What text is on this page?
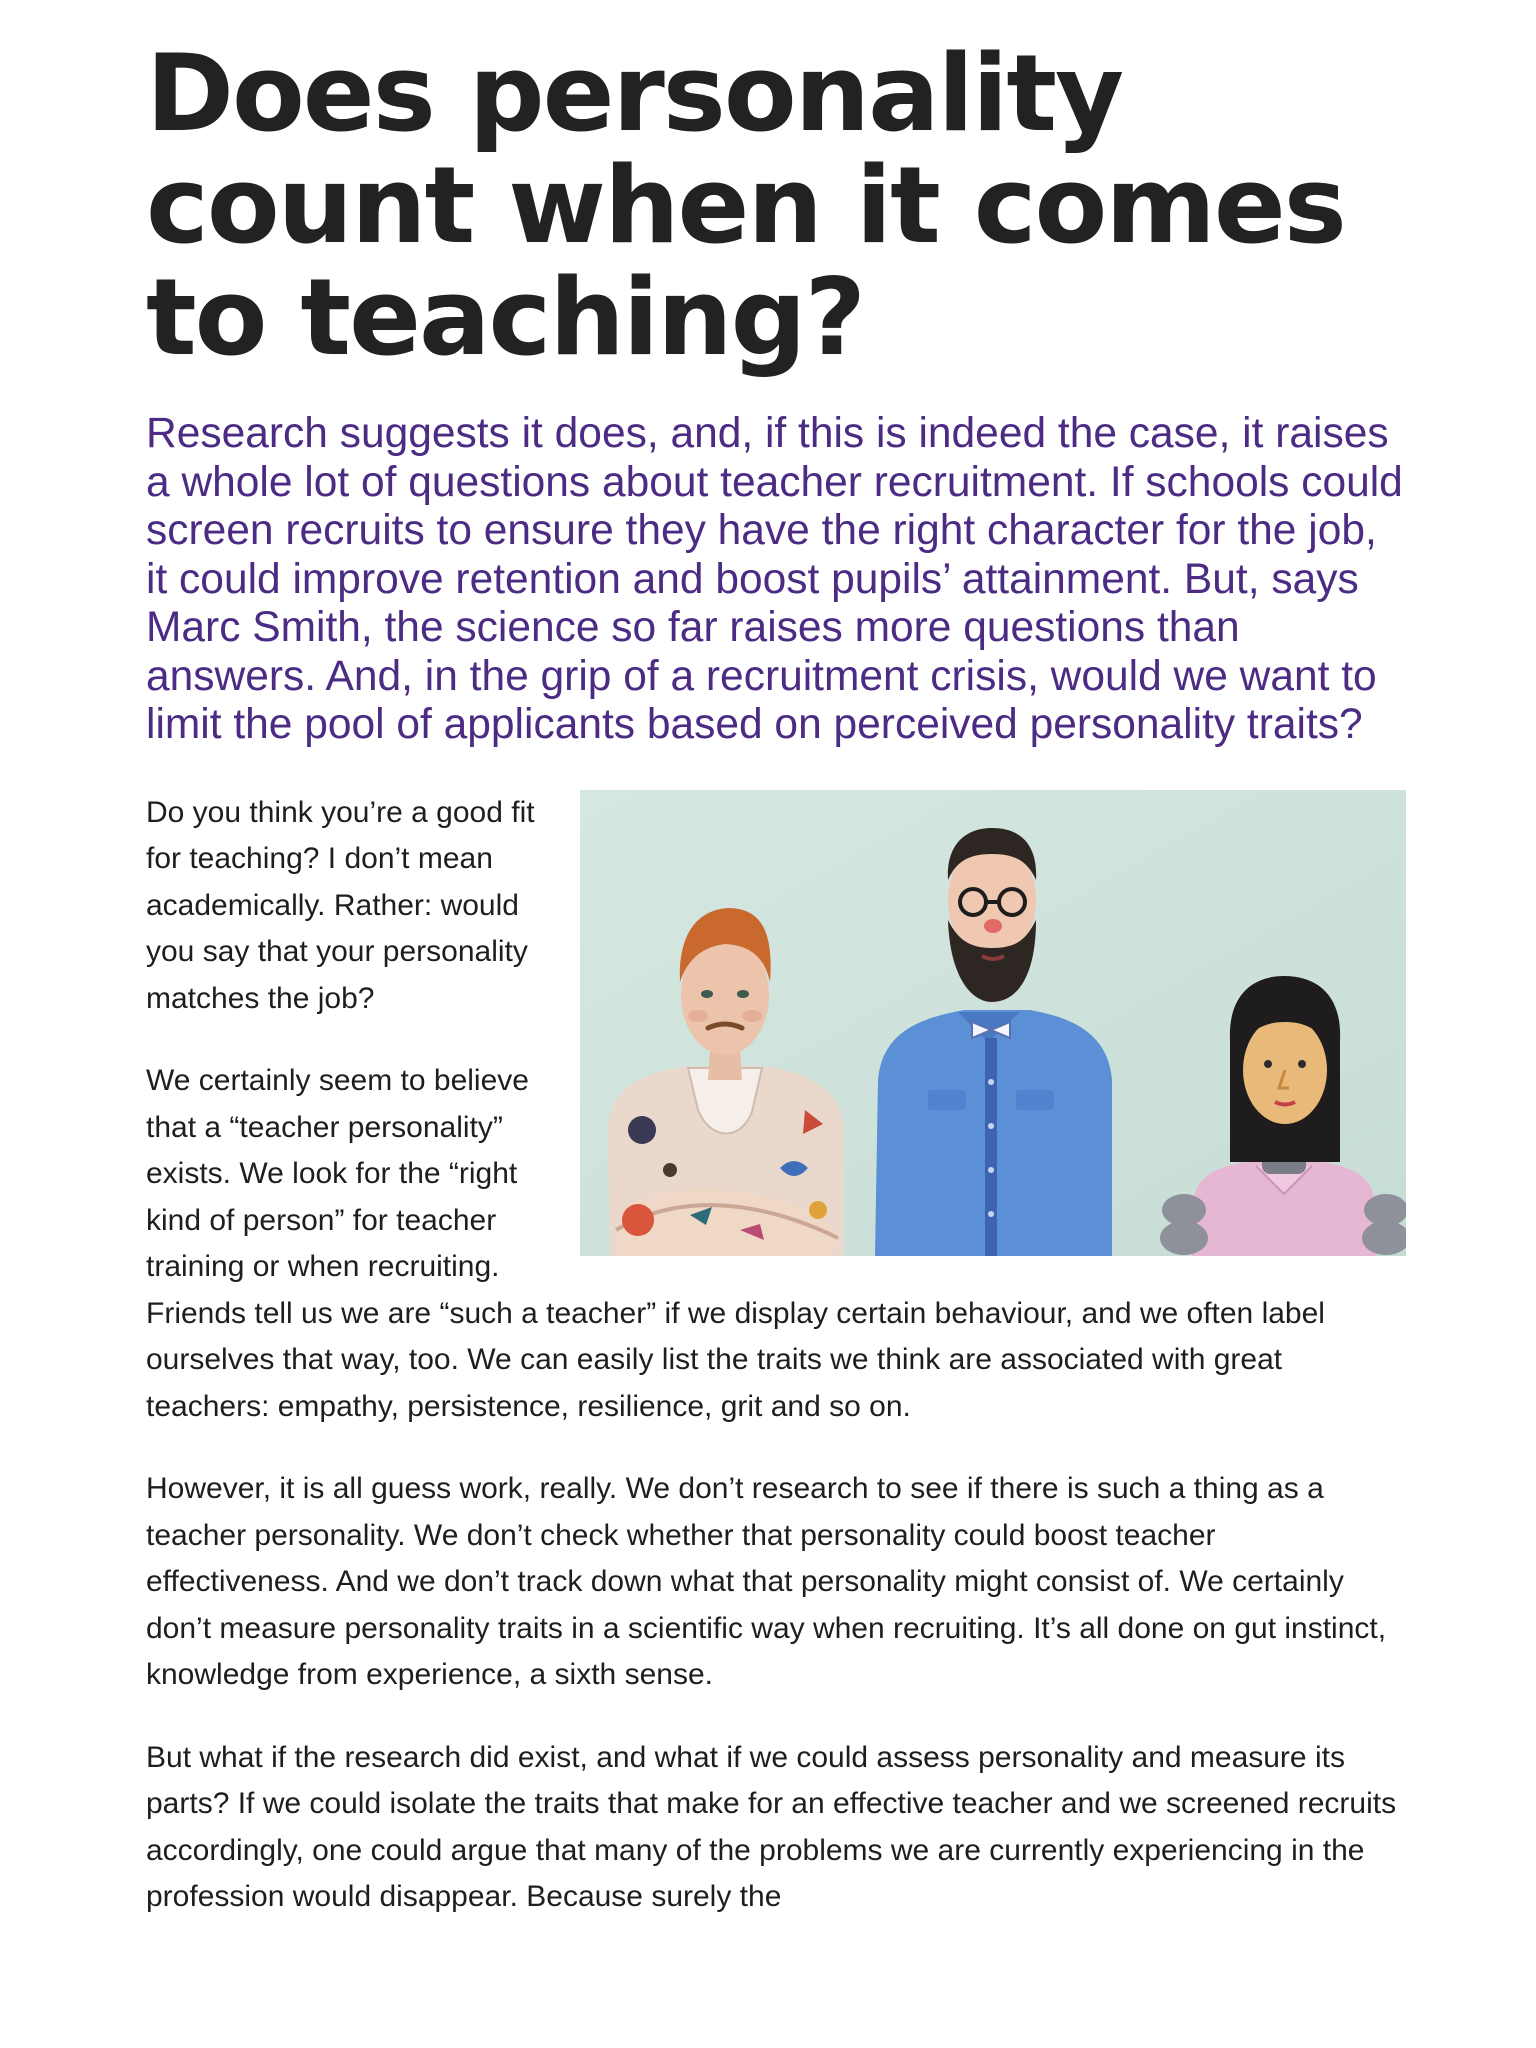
Does personality count when it comes to teaching?

Research suggests it does, and, if this is indeed the case, it raises a whole lot of questions about teacher recruitment. If schools could screen recruits to ensure they have the right character for the job, it could improve retention and boost pupils’ attainment. But, says Marc Smith, the science so far raises more questions than answers. And, in the grip of a recruitment crisis, would we want to limit the pool of applicants based on perceived personality traits?

Do you think you’re a good fit for teaching? I don’t mean academically. Rather: would you say that your personality matches the job?

We certainly seem to believe that a “teacher personality” exists. We look for the “right kind of person” for teacher training or when recruiting. Friends tell us we are “such a teacher” if we display certain behaviour, and we often label ourselves that way, too. We can easily list the traits we think are associated with great teachers: empathy, persistence, resilience, grit and so on.

However, it is all guess work, really. We don’t research to see if there is such a thing as a teacher personality. We don’t check whether that personality could boost teacher effectiveness. And we don’t track down what that personality might consist of. We certainly don’t measure personality traits in a scientific way when recruiting. It’s all done on gut instinct, knowledge from experience, a sixth sense.

But what if the research did exist, and what if we could assess personality and measure its parts? If we could isolate the traits that make for an effective teacher and we screened recruits accordingly, one could argue that many of the problems we are currently experiencing in the profession would disappear. Because surely the
